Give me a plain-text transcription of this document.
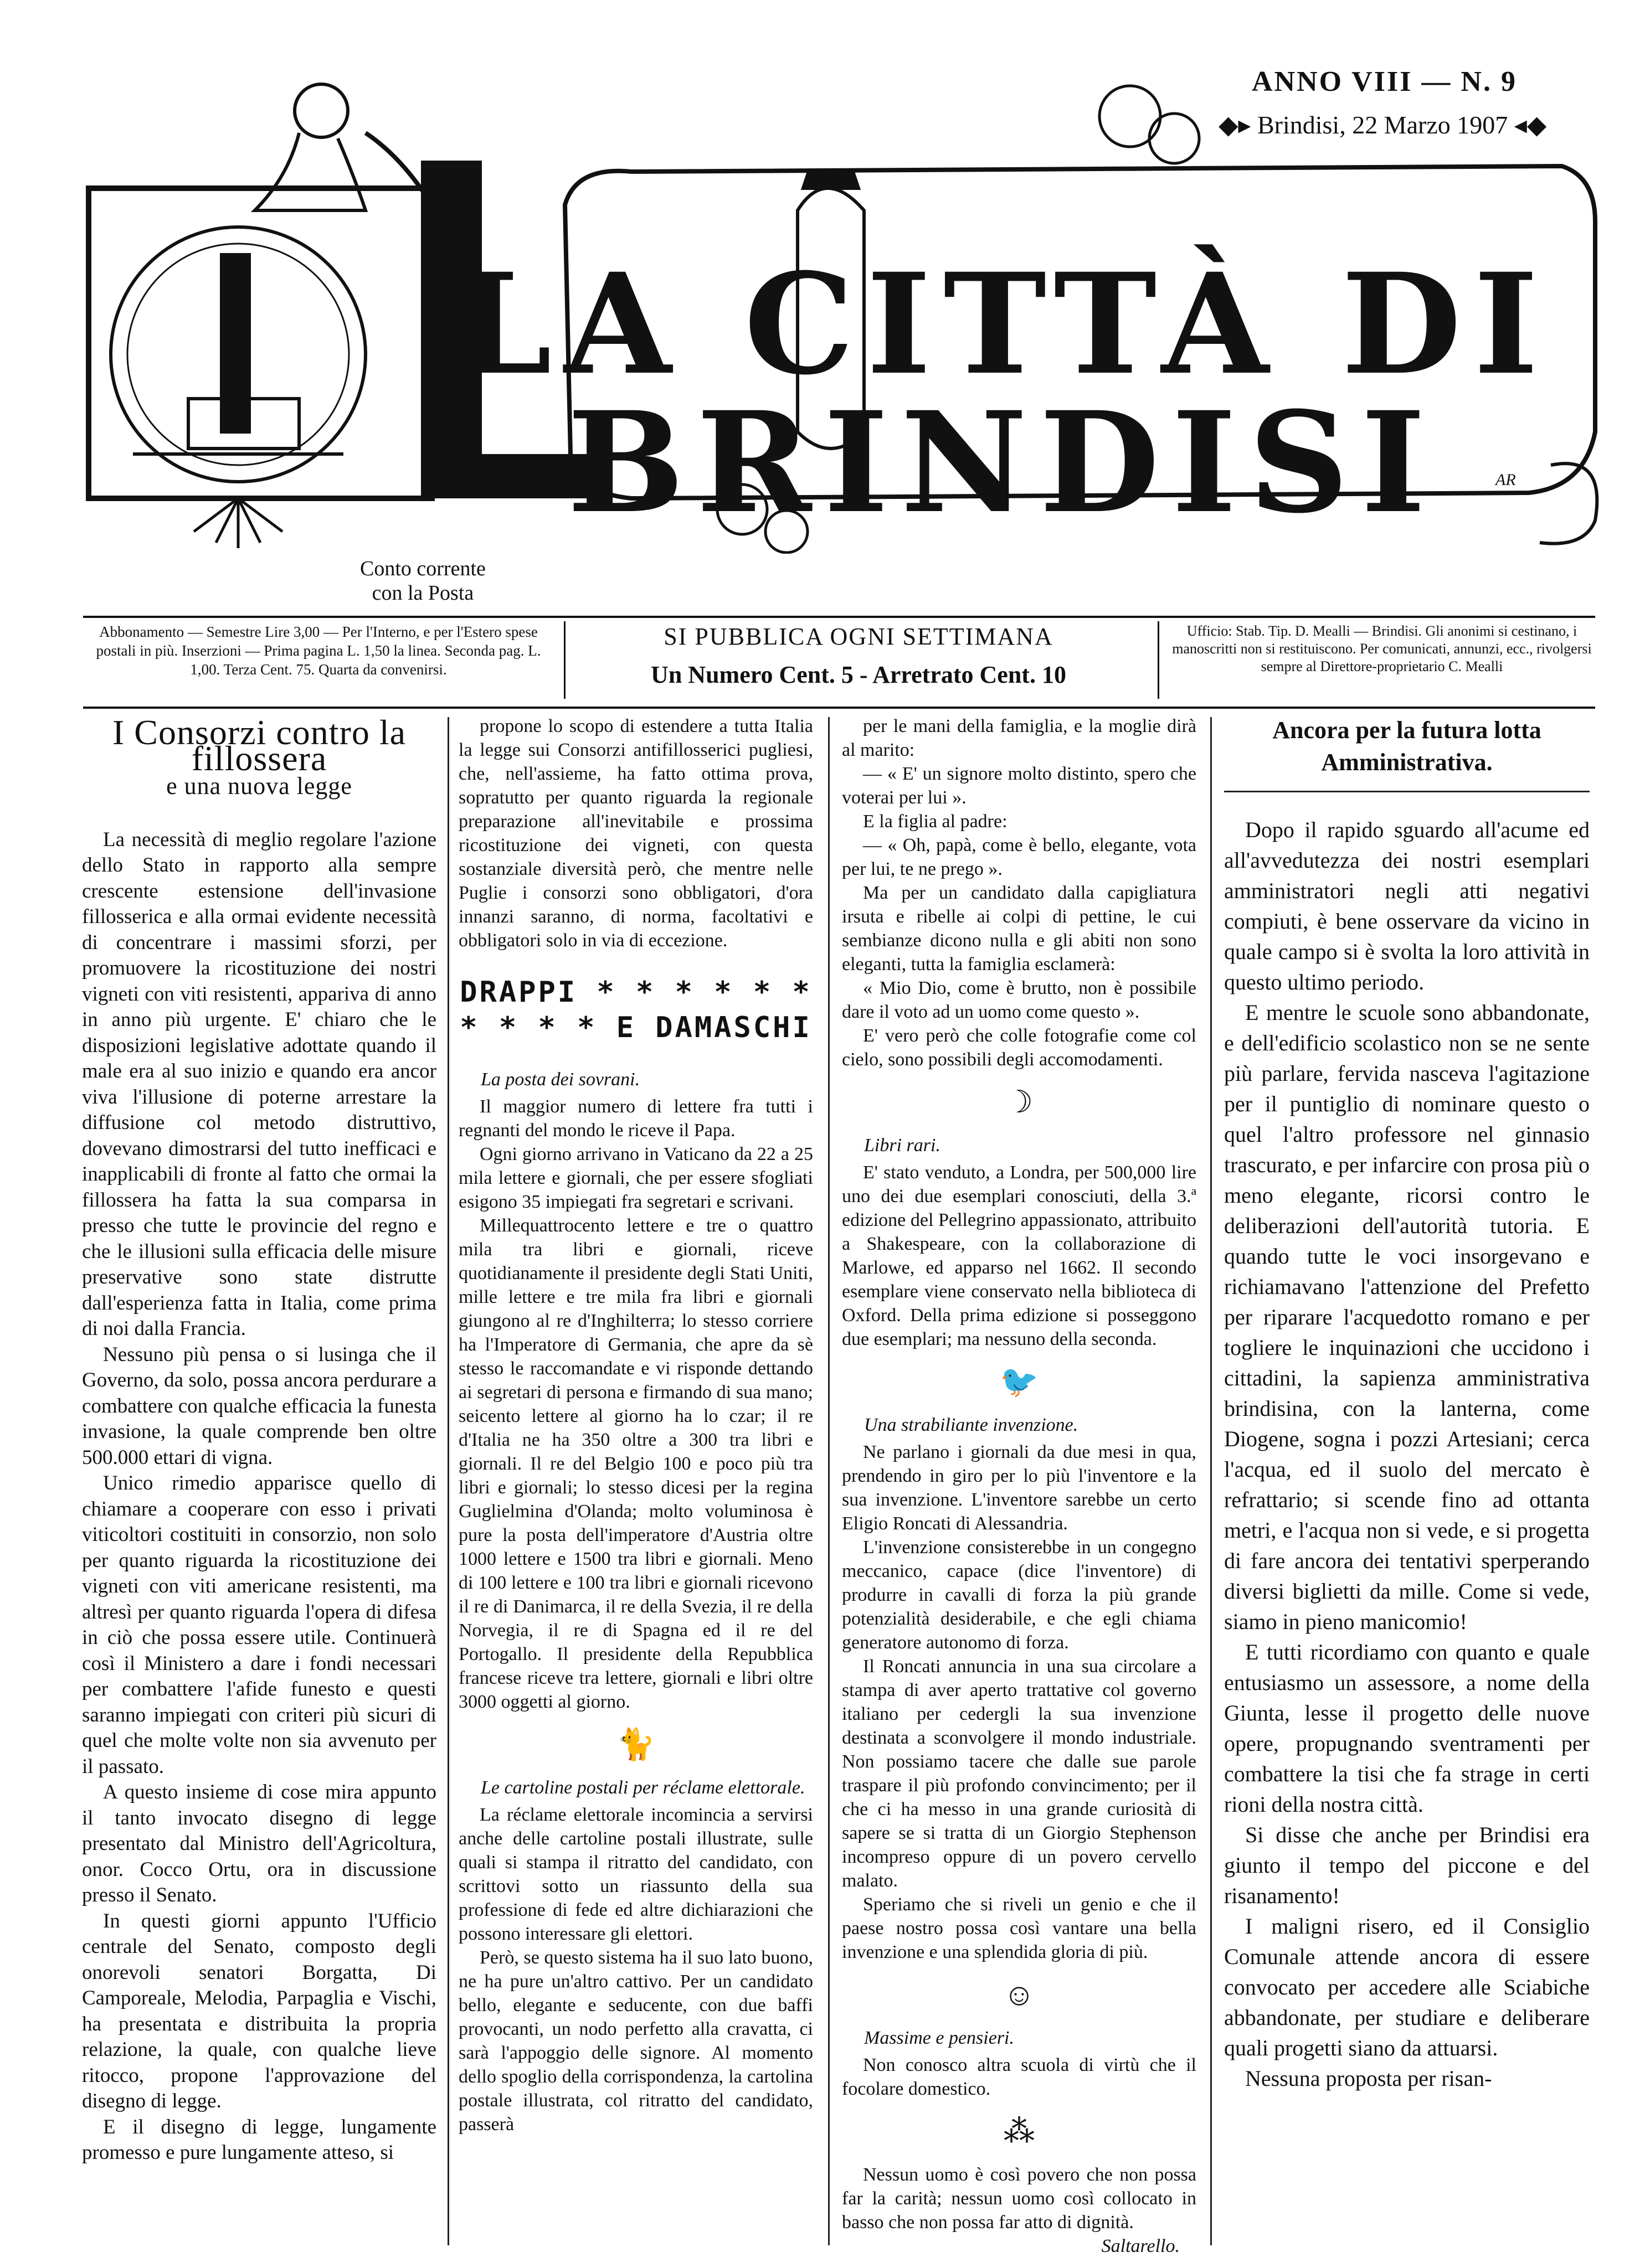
ANNO VIII — N. 9
◆▸ Brindisi, 22 Marzo 1907 ◂◆
LA CITTÀ DI BRINDISI	AR
Conto corrente
con la Posta
Abbonamento — Semestre Lire 3,00 — Per l'Interno, e per l'Estero spese postali in più. Inserzioni — Prima pagina L. 1,50 la linea. Seconda pag. L. 1,00. Terza Cent. 75. Quarta da convenirsi.
SI PUBBLICA OGNI SETTIMANA
Un Numero Cent. 5 - Arretrato Cent. 10
Ufficio: Stab. Tip. D. Mealli — Brindisi. Gli anonimi si cestinano, i manoscritti non si restituiscono. Per comunicati, annunzi, ecc., rivolgersi sempre al Direttore-proprietario C. Mealli
I Consorzi contro la fillossera
e una nuova legge

La necessità di meglio regolare l'azione dello Stato in rapporto alla sempre crescente estensione dell'invasione fillosserica e alla ormai evidente necessità di concentrare i massimi sforzi, per promuovere la ricostituzione dei nostri vigneti con viti resistenti, appariva di anno in anno più urgente. E' chiaro che le disposizioni legislative adottate quando il male era al suo inizio e quando era ancor viva l'illusione di poterne arrestare la diffusione col metodo distruttivo, dovevano dimostrarsi del tutto inefficaci e inapplicabili di fronte al fatto che ormai la fillossera ha fatta la sua comparsa in presso che tutte le provincie del regno e che le illusioni sulla efficacia delle misure preservative sono state distrutte dall'esperienza fatta in Italia, come prima di noi dalla Francia.

Nessuno più pensa o si lusinga che il Governo, da solo, possa ancora perdurare a combattere con qualche efficacia la funesta invasione, la quale comprende ben oltre 500.000 ettari di vigna.

Unico rimedio apparisce quello di chiamare a cooperare con esso i privati viticoltori costituiti in consorzio, non solo per quanto riguarda la ricostituzione dei vigneti con viti americane resistenti, ma altresì per quanto riguarda l'opera di difesa in ciò che possa essere utile. Continuerà così il Ministero a dare i fondi necessari per combattere l'afide funesto e questi saranno impiegati con criteri più sicuri di quel che molte volte non sia avvenuto per il passato.

A questo insieme di cose mira appunto il tanto invocato disegno di legge presentato dal Ministro dell'Agricoltura, onor. Cocco Ortu, ora in discussione presso il Senato.

In questi giorni appunto l'Ufficio centrale del Senato, composto degli onorevoli senatori Borgatta, Di Camporeale, Melodia, Parpaglia e Vischi, ha presentata e distribuita la propria relazione, la quale, con qualche lieve ritocco, propone l'approvazione del disegno di legge.

E il disegno di legge, lungamente promesso e pure lungamente atteso, si

propone lo scopo di estendere a tutta Italia la legge sui Consorzi antifillosserici pugliesi, che, nell'assieme, ha fatto ottima prova, sopratutto per quanto riguarda la regionale preparazione all'inevitabile e prossima ricostituzione dei vigneti, con questa sostanziale diversità però, che mentre nelle Puglie i consorzi sono obbligatori, d'ora innanzi saranno, di norma, facoltativi e obbligatori solo in via di eccezione.

DRAPPI * * * * * * * * * * E DAMASCHI
La posta dei sovrani.

Il maggior numero di lettere fra tutti i regnanti del mondo le riceve il Papa.

Ogni giorno arrivano in Vaticano da 22 a 25 mila lettere e giornali, che per essere sfogliati esigono 35 impiegati fra segretari e scrivani.

Millequattrocento lettere e tre o quattro mila tra libri e giornali, riceve quotidianamente il presidente degli Stati Uniti, mille lettere e tre mila fra libri e giornali giungono al re d'Inghilterra; lo stesso corriere ha l'Imperatore di Germania, che apre da sè stesso le raccomandate e vi risponde dettando ai segretari di persona e firmando di sua mano; seicento lettere al giorno ha lo czar; il re d'Italia ne ha 350 oltre a 300 tra libri e giornali. Il re del Belgio 100 e poco più tra libri e giornali; lo stesso dicesi per la regina Guglielmina d'Olanda; molto voluminosa è pure la posta dell'imperatore d'Austria oltre 1000 lettere e 1500 tra libri e giornali. Meno di 100 lettere e 100 tra libri e giornali ricevono il re di Danimarca, il re della Svezia, il re della Norvegia, il re di Spagna ed il re del Portogallo. Il presidente della Repubblica francese riceve tra lettere, giornali e libri oltre 3000 oggetti al giorno.

🐈
Le cartoline postali per réclame elettorale.

La réclame elettorale incomincia a servirsi anche delle cartoline postali illustrate, sulle quali si stampa il ritratto del candidato, con scrittovi sotto un riassunto della sua professione di fede ed altre dichiarazioni che possono interessare gli elettori.

Però, se questo sistema ha il suo lato buono, ne ha pure un'altro cattivo. Per un candidato bello, elegante e seducente, con due baffi provocanti, un nodo perfetto alla cravatta, ci sarà l'appoggio delle signore. Al momento dello spoglio della corrispondenza, la cartolina postale illustrata, col ritratto del candidato, passerà

per le mani della famiglia, e la moglie dirà al marito:

— « E' un signore molto distinto, spero che voterai per lui ».

E la figlia al padre:

— « Oh, papà, come è bello, elegante, vota per lui, te ne prego ».

Ma per un candidato dalla capigliatura irsuta e ribelle ai colpi di pettine, le cui sembianze dicono nulla e gli abiti non sono eleganti, tutta la famiglia esclamerà:

« Mio Dio, come è brutto, non è possibile dare il voto ad un uomo come questo ».

E' vero però che colle fotografie come col cielo, sono possibili degli accomodamenti.

☽
Libri rari.

E' stato venduto, a Londra, per 500,000 lire uno dei due esemplari conosciuti, della 3.ª edizione del Pellegrino appassionato, attribuito a Shakespeare, con la collaborazione di Marlowe, ed apparso nel 1662. Il secondo esemplare viene conservato nella biblioteca di Oxford. Della prima edizione si posseggono due esemplari; ma nessuno della seconda.

🐦
Una strabiliante invenzione.

Ne parlano i giornali da due mesi in qua, prendendo in giro per lo più l'inventore e la sua invenzione. L'inventore sarebbe un certo Eligio Roncati di Alessandria.

L'invenzione consisterebbe in un congegno meccanico, capace (dice l'inventore) di produrre in cavalli di forza la più grande potenzialità desiderabile, e che egli chiama generatore autonomo di forza.

Il Roncati annuncia in una sua circolare a stampa di aver aperto trattative col governo italiano per cedergli la sua invenzione destinata a sconvolgere il mondo industriale. Non possiamo tacere che dalle sue parole traspare il più profondo convincimento; per il che ci ha messo in una grande curiosità di sapere se si tratta di un Giorgio Stephenson incompreso oppure di un povero cervello malato.

Speriamo che si riveli un genio e che il paese nostro possa così vantare una bella invenzione e una splendida gloria di più.

☺
Massime e pensieri.

Non conosco altra scuola di virtù che il focolare domestico.

⁂

Nessun uomo è così povero che non possa far la carità; nessun uomo così collocato in basso che non possa far atto di dignità.

Saltarello.
Ancora per la futura lotta Amministrativa.

Dopo il rapido sguardo all'acume ed all'avvedutezza dei nostri esemplari amministratori negli atti negativi compiuti, è bene osservare da vicino in quale campo si è svolta la loro attività in questo ultimo periodo.

E mentre le scuole sono abbandonate, e dell'edificio scolastico non se ne sente più parlare, fervida nasceva l'agitazione per il puntiglio di nominare questo o quel l'altro professore nel ginnasio trascurato, e per infarcire con prosa più o meno elegante, ricorsi contro le deliberazioni dell'autorità tutoria. E quando tutte le voci insorgevano e richiamavano l'attenzione del Prefetto per riparare l'acquedotto romano e per togliere le inquinazioni che uccidono i cittadini, la sapienza amministrativa brindisina, con la lanterna, come Diogene, sogna i pozzi Artesiani; cerca l'acqua, ed il suolo del mercato è refrattario; si scende fino ad ottanta metri, e l'acqua non si vede, e si progetta di fare ancora dei tentativi sperperando diversi biglietti da mille. Come si vede, siamo in pieno manicomio!

E tutti ricordiamo con quanto e quale entusiasmo un assessore, a nome della Giunta, lesse il progetto delle nuove opere, propugnando sventramenti per combattere la tisi che fa strage in certi rioni della nostra città.

Si disse che anche per Brindisi era giunto il tempo del piccone e del risanamento!

I maligni risero, ed il Consiglio Comunale attende ancora di essere convocato per accedere alle Sciabiche abbandonate, per studiare e deliberare quali progetti siano da attuarsi.

Nessuna proposta per risan-
